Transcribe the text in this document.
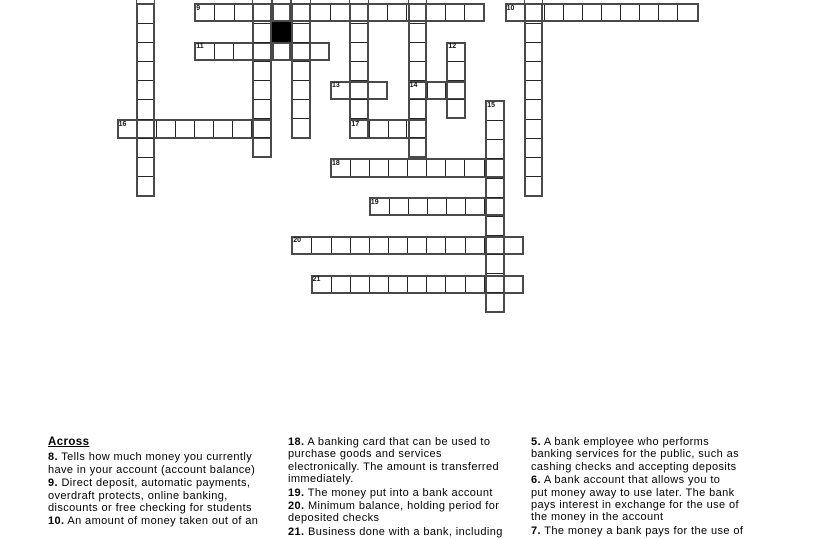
9	10
11
13	14
16	17
18
19
20
21
12
15
Across

8. Tells how much money you currently
have in your account (account balance)

9. Direct deposit, automatic payments,
overdraft protects, online banking,
discounts or free checking for students

10. An amount of money taken out of an

18. A banking card that can be used to
purchase goods and services
electronically. The amount is transferred
immediately.

19. The money put into a bank account

20. Minimum balance, holding period for
deposited checks

21. Business done with a bank, including

5. A bank employee who performs
banking services for the public, such as
cashing checks and accepting deposits

6. A bank account that allows you to
put money away to use later. The bank
pays interest in exchange for the use of
the money in the account

7. The money a bank pays for the use of
